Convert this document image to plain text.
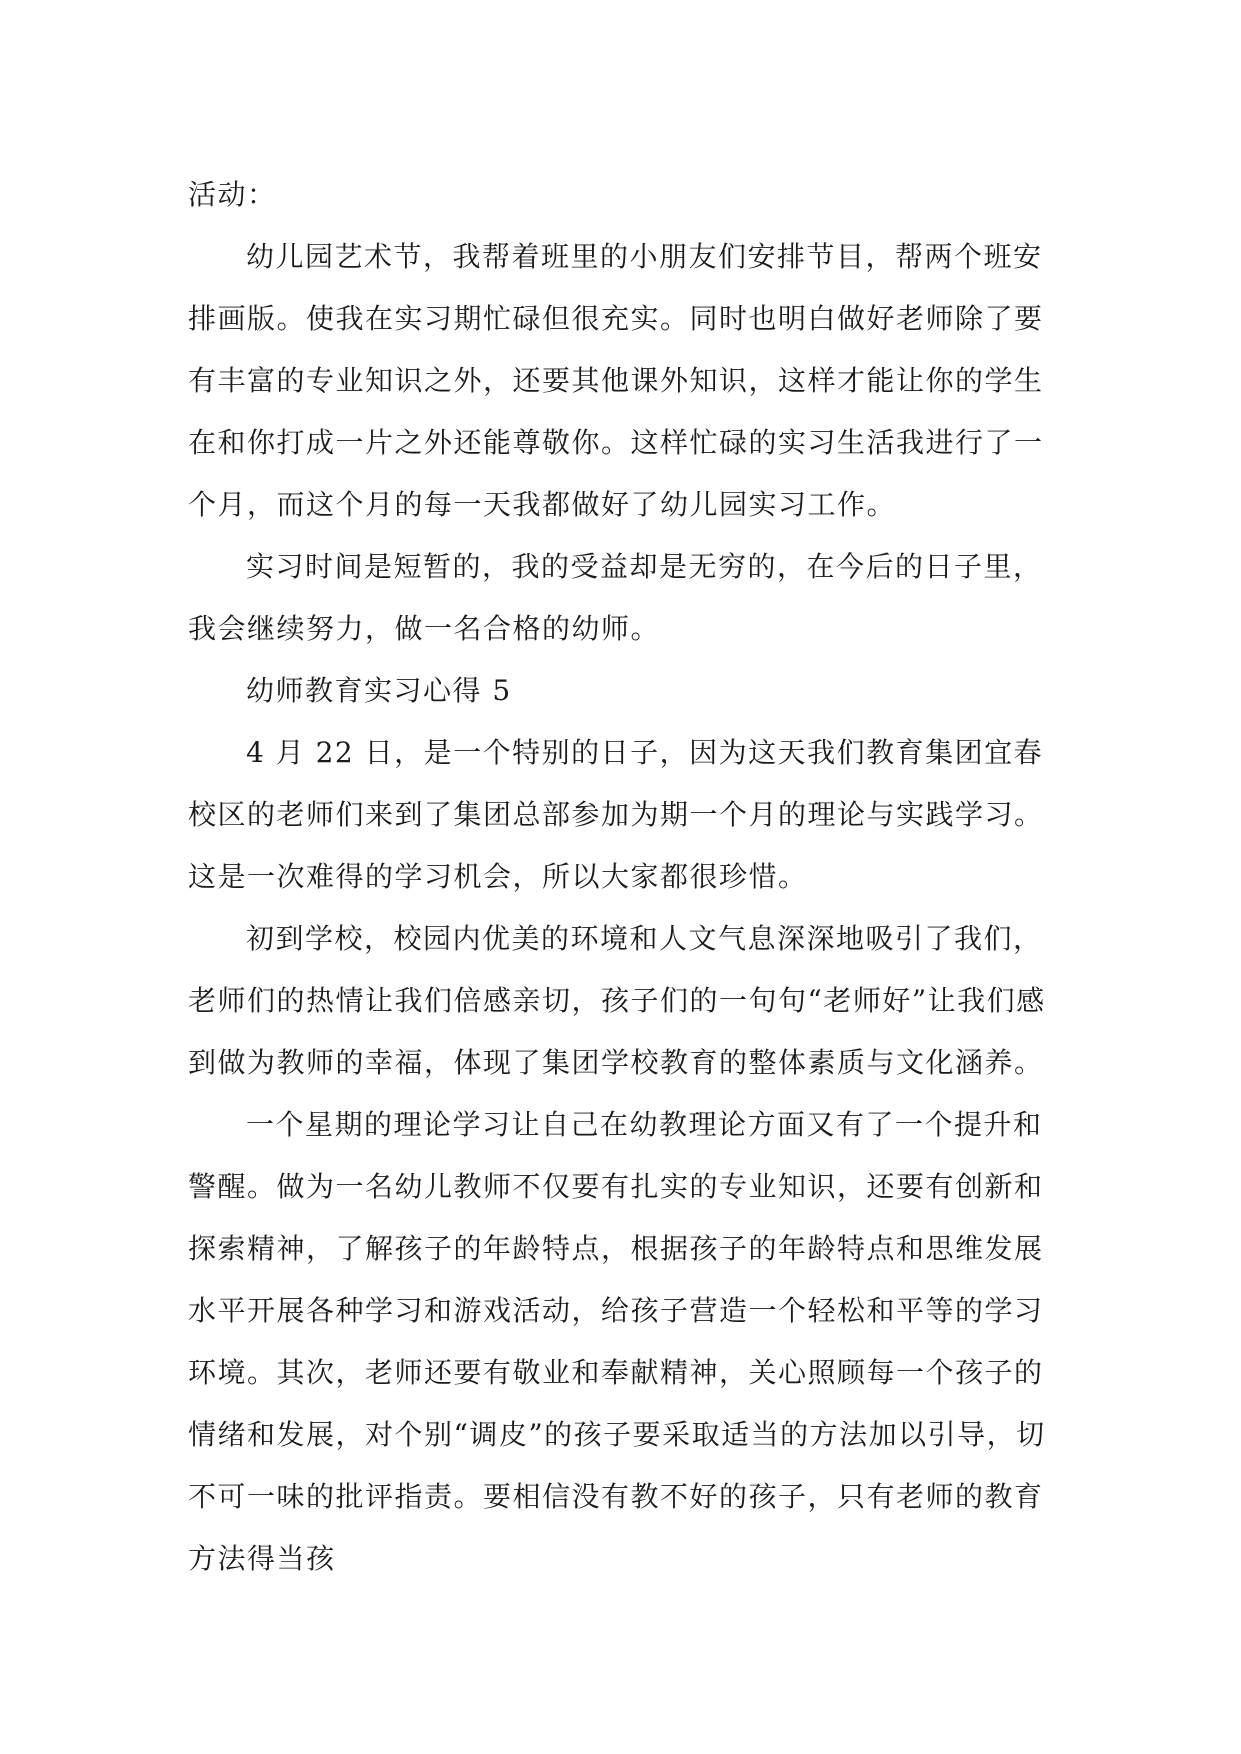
活动：

幼儿园艺术节，我帮着班里的小朋友们安排节目，帮两个班安排画版。使我在实习期忙碌但很充实。同时也明白做好老师除了要有丰富的专业知识之外，还要其他课外知识，这样才能让你的学生在和你打成一片之外还能尊敬你。这样忙碌的实习生活我进行了一个月，而这个月的每一天我都做好了幼儿园实习工作。

实习时间是短暂的，我的受益却是无穷的，在今后的日子里，我会继续努力，做一名合格的幼师。

幼师教育实习心得 5

4 月 22 日，是一个特别的日子，因为这天我们教育集团宜春校区的老师们来到了集团总部参加为期一个月的理论与实践学习。这是一次难得的学习机会，所以大家都很珍惜。

初到学校，校园内优美的环境和人文气息深深地吸引了我们，老师们的热情让我们倍感亲切，孩子们的一句句“老师好”让我们感到做为教师的幸福，体现了集团学校教育的整体素质与文化涵养。

一个星期的理论学习让自己在幼教理论方面又有了一个提升和警醒。做为一名幼儿教师不仅要有扎实的专业知识，还要有创新和探索精神，了解孩子的年龄特点，根据孩子的年龄特点和思维发展水平开展各种学习和游戏活动，给孩子营造一个轻松和平等的学习环境。其次，老师还要有敬业和奉献精神，关心照顾每一个孩子的情绪和发展，对个别“调皮”的孩子要采取适当的方法加以引导，切不可一味的批评指责。要相信没有教不好的孩子，只有老师的教育方法得当孩
